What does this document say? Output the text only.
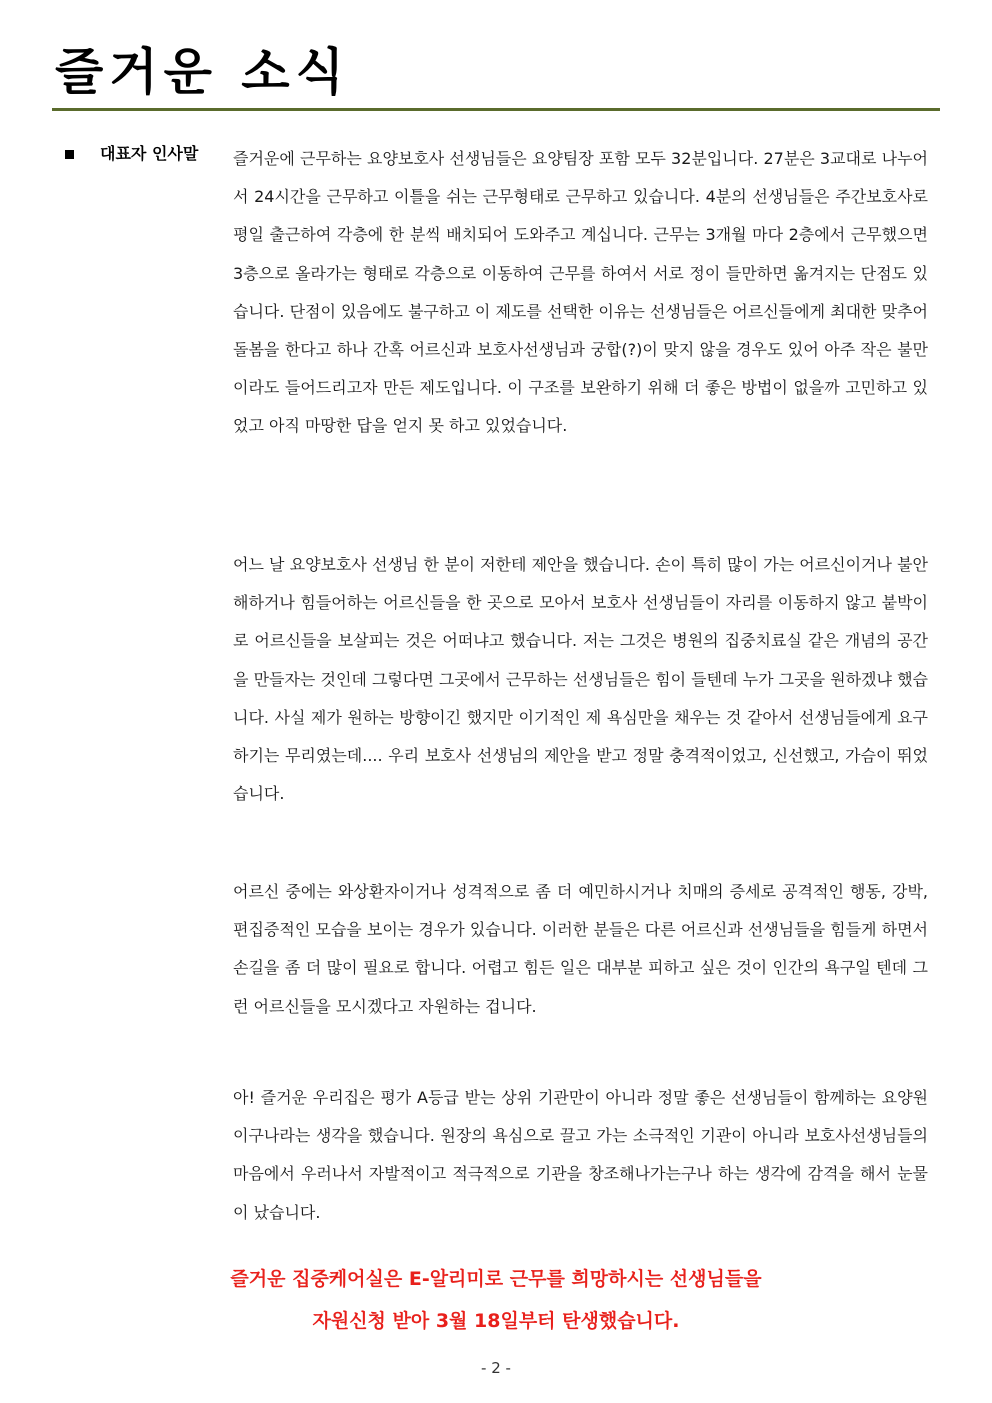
즐거운 소식
대표자 인사말 즐거운에 근무하는 요양보호사 선생님들은 요양팀장 포함 모두 32분입니다. 27분은 3교대로 나누어서 24시간을 근무하고 이틀을 쉬는 근무형태로 근무하고 있습니다. 4분의 선생님들은 주간보호사로 평일 출근하여 각층에 한 분씩 배치되어 도와주고 계십니다. 근무는 3개월 마다 2층에서 근무했으면 3층으로 올라가는 형태로 각층으로 이동하여 근무를 하여서 서로 정이 들만하면 옮겨지는 단점도 있습니다. 단점이 있음에도 불구하고 이 제도를 선택한 이유는 선생님들은 어르신들에게 최대한 맞추어 돌봄을 한다고 하나 간혹 어르신과 보호사선생님과 궁합(?)이 맞지 않을 경우도 있어 아주 작은 불만이라도 들어드리고자 만든 제도입니다. 이 구조를 보완하기 위해 더 좋은 방법이 없을까 고민하고 있었고 아직 마땅한 답을 얻지 못 하고 있었습니다.

어느 날 요양보호사 선생님 한 분이 저한테 제안을 했습니다. 손이 특히 많이 가는 어르신이거나 불안해하거나 힘들어하는 어르신들을 한 곳으로 모아서 보호사 선생님들이 자리를 이동하지 않고 붙박이로 어르신들을 보살피는 것은 어떠냐고 했습니다. 저는 그것은 병원의 집중치료실 같은 개념의 공간을 만들자는 것인데 그렇다면 그곳에서 근무하는 선생님들은 힘이 들텐데 누가 그곳을 원하겠냐 했습니다. 사실 제가 원하는 방향이긴 했지만 이기적인 제 욕심만을 채우는 것 같아서 선생님들에게 요구하기는 무리였는데.... 우리 보호사 선생님의 제안을 받고 정말 충격적이었고, 신선했고, 가슴이 뛰었습니다.

어르신 중에는 와상환자이거나 성격적으로 좀 더 예민하시거나 치매의 증세로 공격적인 행동, 강박, 편집증적인 모습을 보이는 경우가 있습니다. 이러한 분들은 다른 어르신과 선생님들을 힘들게 하면서 손길을 좀 더 많이 필요로 합니다. 어렵고 힘든 일은 대부분 피하고 싶은 것이 인간의 욕구일 텐데 그런 어르신들을 모시겠다고 자원하는 겁니다.

아! 즐거운 우리집은 평가 A등급 받는 상위 기관만이 아니라 정말 좋은 선생님들이 함께하는 요양원이구나라는 생각을 했습니다. 원장의 욕심으로 끌고 가는 소극적인 기관이 아니라 보호사선생님들의 마음에서 우러나서 자발적이고 적극적으로 기관을 창조해나가는구나 하는 생각에 감격을 해서 눈물이 났습니다.

즐거운 집중케어실은 E-알리미로 근무를 희망하시는 선생님들을

자원신청 받아 3월 18일부터 탄생했습니다.

- 2 -
